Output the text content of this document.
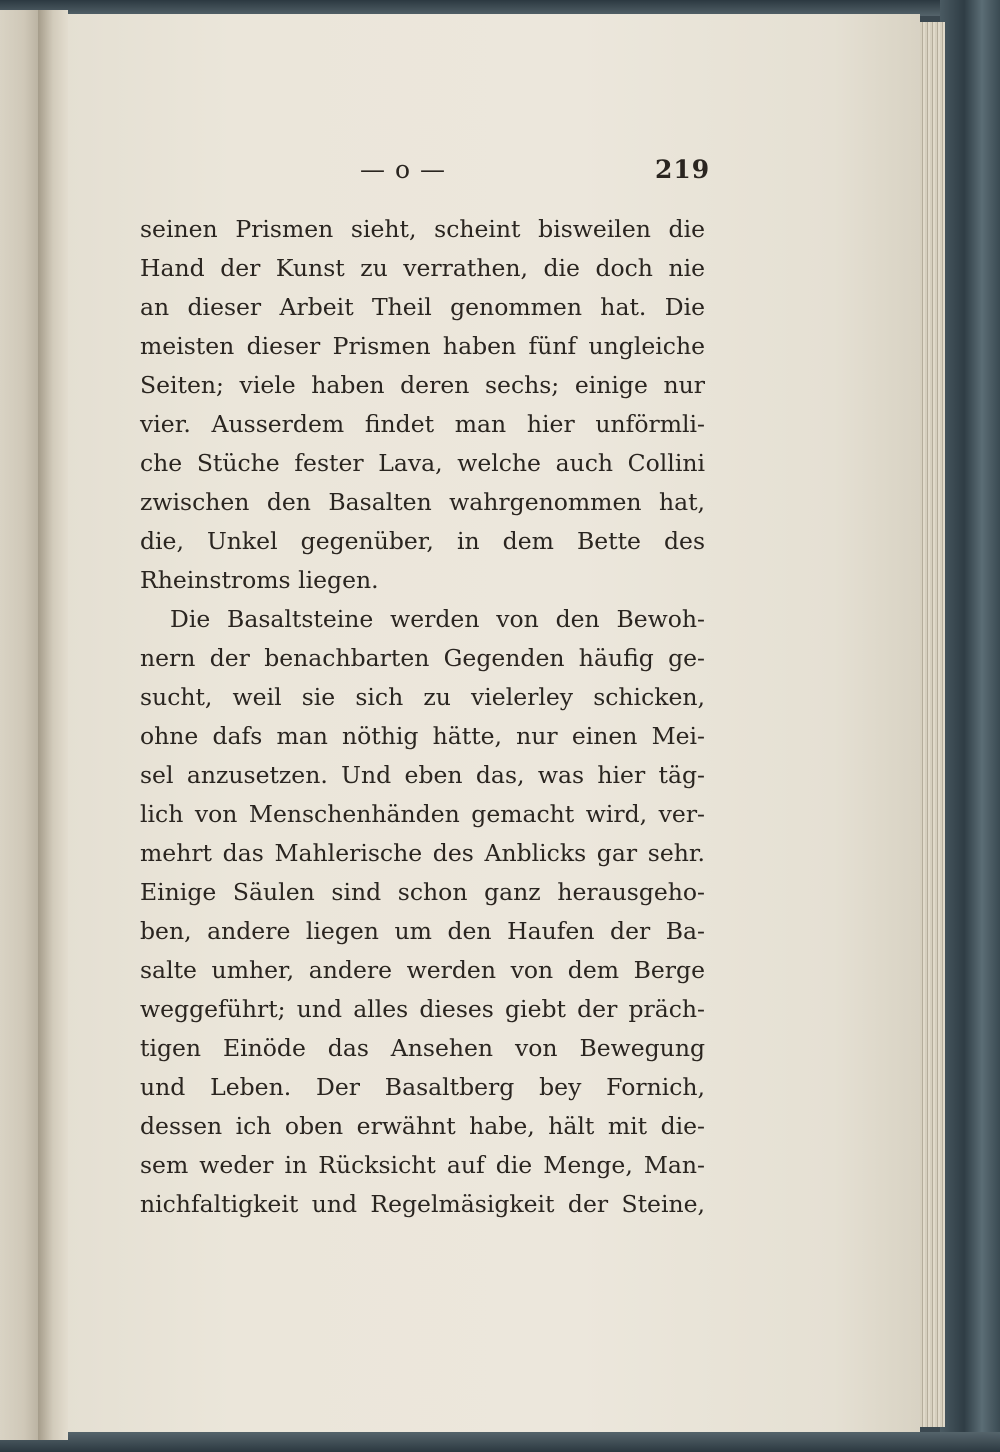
— o —	219
seinen Prismen sieht, scheint bisweilen die
Hand der Kunst zu verrathen, die doch nie
an dieser Arbeit Theil genommen hat. Die
meisten dieser Prismen haben fünf ungleiche
Seiten; viele haben deren sechs; einige nur
vier. Ausserdem findet man hier unförmli-
che Stüche fester Lava, welche auch Collini
zwischen den Basalten wahrgenommen hat,
die, Unkel gegenüber, in dem Bette des
Rheinstroms liegen.
Die Basaltsteine werden von den Bewoh-
nern der benachbarten Gegenden häufig ge-
sucht, weil sie sich zu vielerley schicken,
ohne dafs man nöthig hätte, nur einen Mei-
sel anzusetzen. Und eben das, was hier täg-
lich von Menschenhänden gemacht wird, ver-
mehrt das Mahlerische des Anblicks gar sehr.
Einige Säulen sind schon ganz herausgeho-
ben, andere liegen um den Haufen der Ba-
salte umher, andere werden von dem Berge
weggeführt; und alles dieses giebt der präch-
tigen Einöde das Ansehen von Bewegung
und Leben. Der Basaltberg bey Fornich,
dessen ich oben erwähnt habe, hält mit die-
sem weder in Rücksicht auf die Menge, Man-
nichfaltigkeit und Regelmäsigkeit der Steine,
